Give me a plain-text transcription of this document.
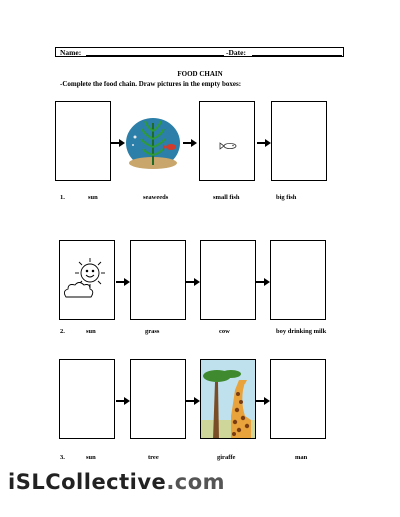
Name:	-Date:
FOOD CHAIN
-Complete the food chain. Draw pictures in the empty boxes:
1.	sun	seaweeds	small fish	big fish
2.	sun	grass	cow	boy drinking milk
3.	sun	tree	giraffe	man
iSLCollective.com
